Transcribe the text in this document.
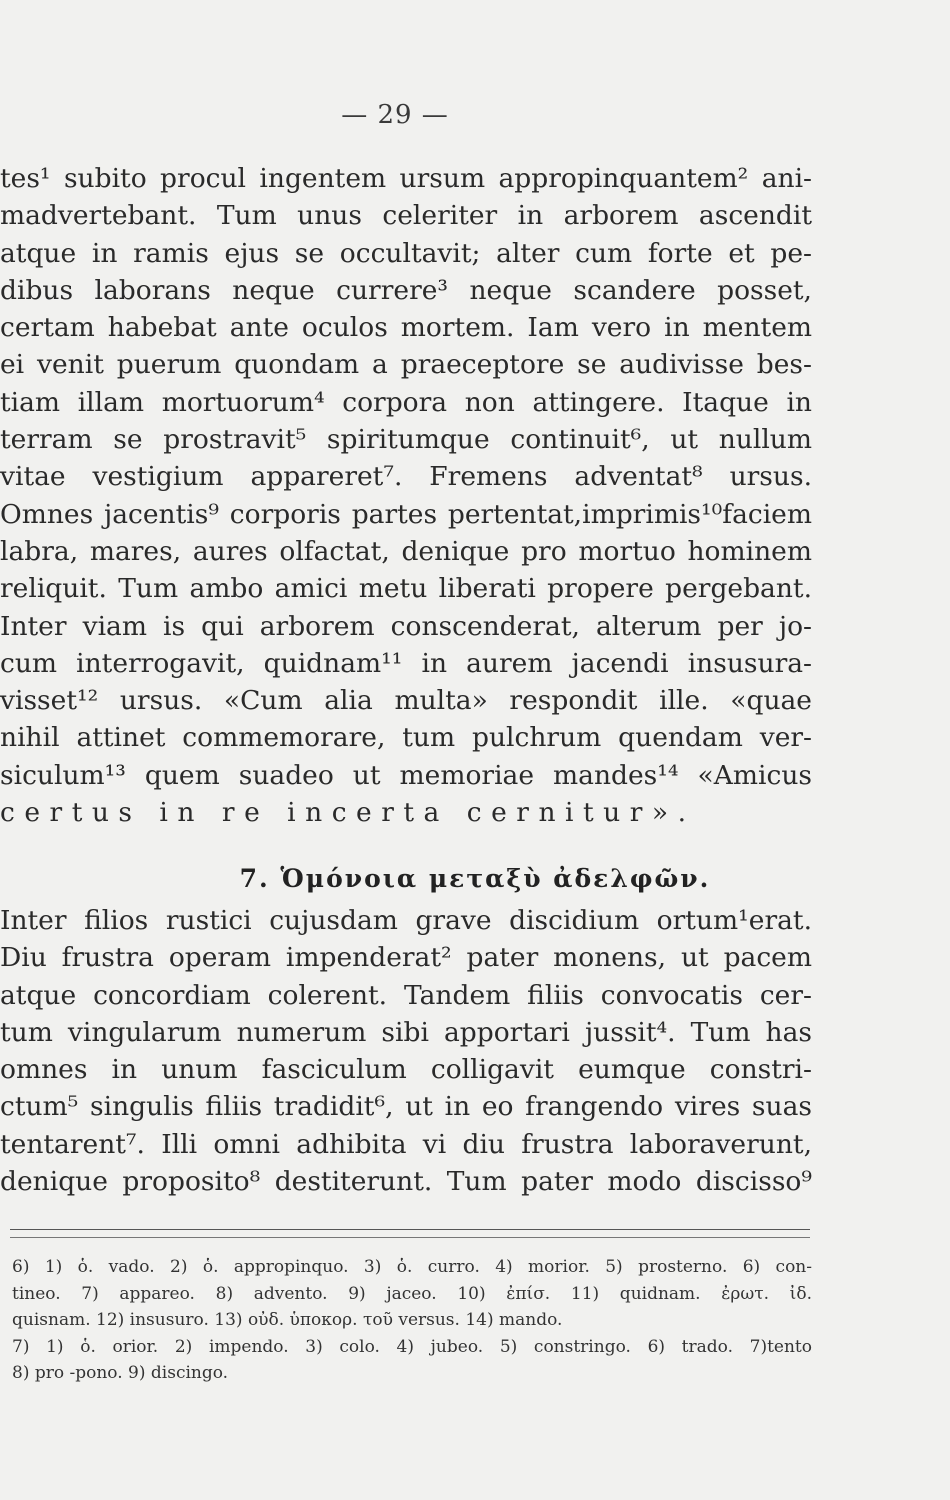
— 29 —
tes¹ subito procul ingentem ursum appropinquantem² ani-
madvertebant. Tum unus celeriter in arborem ascendit
atque in ramis ejus se occultavit; alter cum forte et pe-
dibus laborans neque currere³ neque scandere posset,
certam habebat ante oculos mortem. Iam vero in mentem
ei venit puerum quondam a praeceptore se audivisse bes-
tiam illam mortuorum⁴ corpora non attingere. Itaque in
terram se prostravit⁵ spiritumque continuit⁶, ut nullum
vitae vestigium appareret⁷. Fremens adventat⁸ ursus.
Omnes jacentis⁹ corporis partes pertentat,imprimis¹⁰faciem
labra, mares, aures olfactat, denique pro mortuo hominem
reliquit. Tum ambo amici metu liberati propere pergebant.
Inter viam is qui arborem conscenderat, alterum per jo-
cum interrogavit, quidnam¹¹ in aurem jacendi insusura-
visset¹² ursus. «Cum alia multa» respondit ille. «quae
nihil attinet commemorare, tum pulchrum quendam ver-
siculum¹³ quem suadeo ut memoriae mandes¹⁴ «Amicus
certus in re incerta cernitur».
7. Ὁμόνοια μεταξὺ ἀδελφῶν.
Inter filios rustici cujusdam grave discidium ortum¹erat.
Diu frustra operam impenderat² pater monens, ut pacem
atque concordiam colerent. Tandem filiis convocatis cer-
tum vingularum numerum sibi apportari jussit⁴. Tum has
omnes in unum fasciculum colligavit eumque constri-
ctum⁵ singulis filiis tradidit⁶, ut in eo frangendo vires suas
tentarent⁷. Illi omni adhibita vi diu frustra laboraverunt,
denique proposito⁸ destiterunt. Tum pater modo discisso⁹
6) 1) ὁ. vado. 2) ὁ. appropinquo. 3) ὁ. curro. 4) morior. 5) prosterno. 6) con-
tineo. 7) appareo. 8) advento. 9) jaceo. 10) ἐπίσ. 11) quidnam. ἐρωτ. ἰδ.
quisnam. 12) insusuro. 13) οὐδ. ὑποκορ. τοῦ versus. 14) mando.
7) 1) ὁ. orior. 2) impendo. 3) colo. 4) jubeo. 5) constringo. 6) trado. 7)tento
8) pro -pono. 9) discingo.
